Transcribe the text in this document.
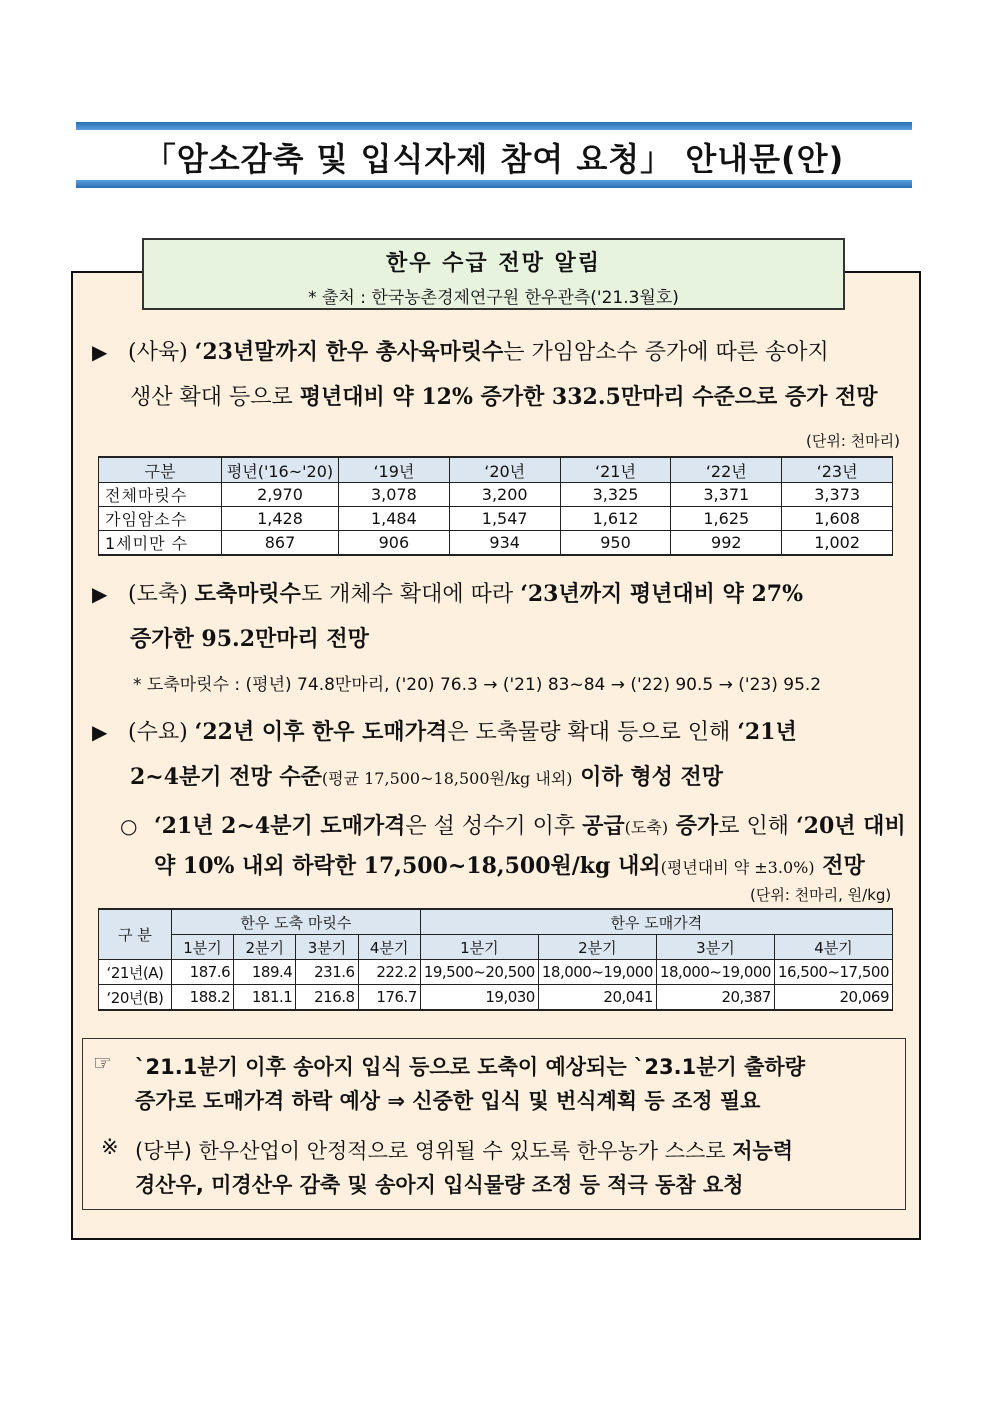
「암소감축 및 입식자제 참여 요청」 안내문(안)
한우 수급 전망 알림
* 출처 : 한국농촌경제연구원 한우관측('21.3월호)
▶ (사육) ‘23년말까지 한우 총사육마릿수는 가임암소수 증가에 따른 송아지
생산 확대 등으로 평년대비 약 12% 증가한 332.5만마리 수준으로 증가 전망
(단위: 천마리)
구분	평년('16~'20)	‘19년	‘20년	‘21년	‘22년	‘23년
전체마릿수	2,970	3,078	3,200	3,325	3,371	3,373
가임암소수	1,428	1,484	1,547	1,612	1,625	1,608
1세미만 수	867	906	934	950	992	1,002
▶ (도축) 도축마릿수도 개체수 확대에 따라 ‘23년까지 평년대비 약 27%
증가한 95.2만마리 전망
* 도축마릿수 : (평년) 74.8만마리, ('20) 76.3 → ('21) 83~84 → ('22) 90.5 → ('23) 95.2
▶ (수요) ‘22년 이후 한우 도매가격은 도축물량 확대 등으로 인해 ‘21년
2~4분기 전망 수준(평균 17,500~18,500원/kg 내외) 이하 형성 전망
○ ‘21년 2~4분기 도매가격은 설 성수기 이후 공급(도축) 증가로 인해 ‘20년 대비
약 10% 내외 하락한 17,500~18,500원/kg 내외(평년대비 약 ±3.0%) 전망
(단위: 천마리, 원/kg)
구 분	한우 도축 마릿수				한우 도매가격			
	1분기	2분기	3분기	4분기	1분기	2분기	3분기	4분기
‘21년(A)	187.6	189.4	231.6	222.2	19,500~20,500	18,000~19,000	18,000~19,000	16,500~17,500
‘20년(B)	188.2	181.1	216.8	176.7	19,030	20,041	20,387	20,069
☞ `21.1분기 이후 송아지 입식 등으로 도축이 예상되는 `23.1분기 출하량
증가로 도매가격 하락 예상 ⇒ 신중한 입식 및 번식계획 등 조정 필요
※ (당부) 한우산업이 안정적으로 영위될 수 있도록 한우농가 스스로 저능력
경산우, 미경산우 감축 및 송아지 입식물량 조정 등 적극 동참 요청
